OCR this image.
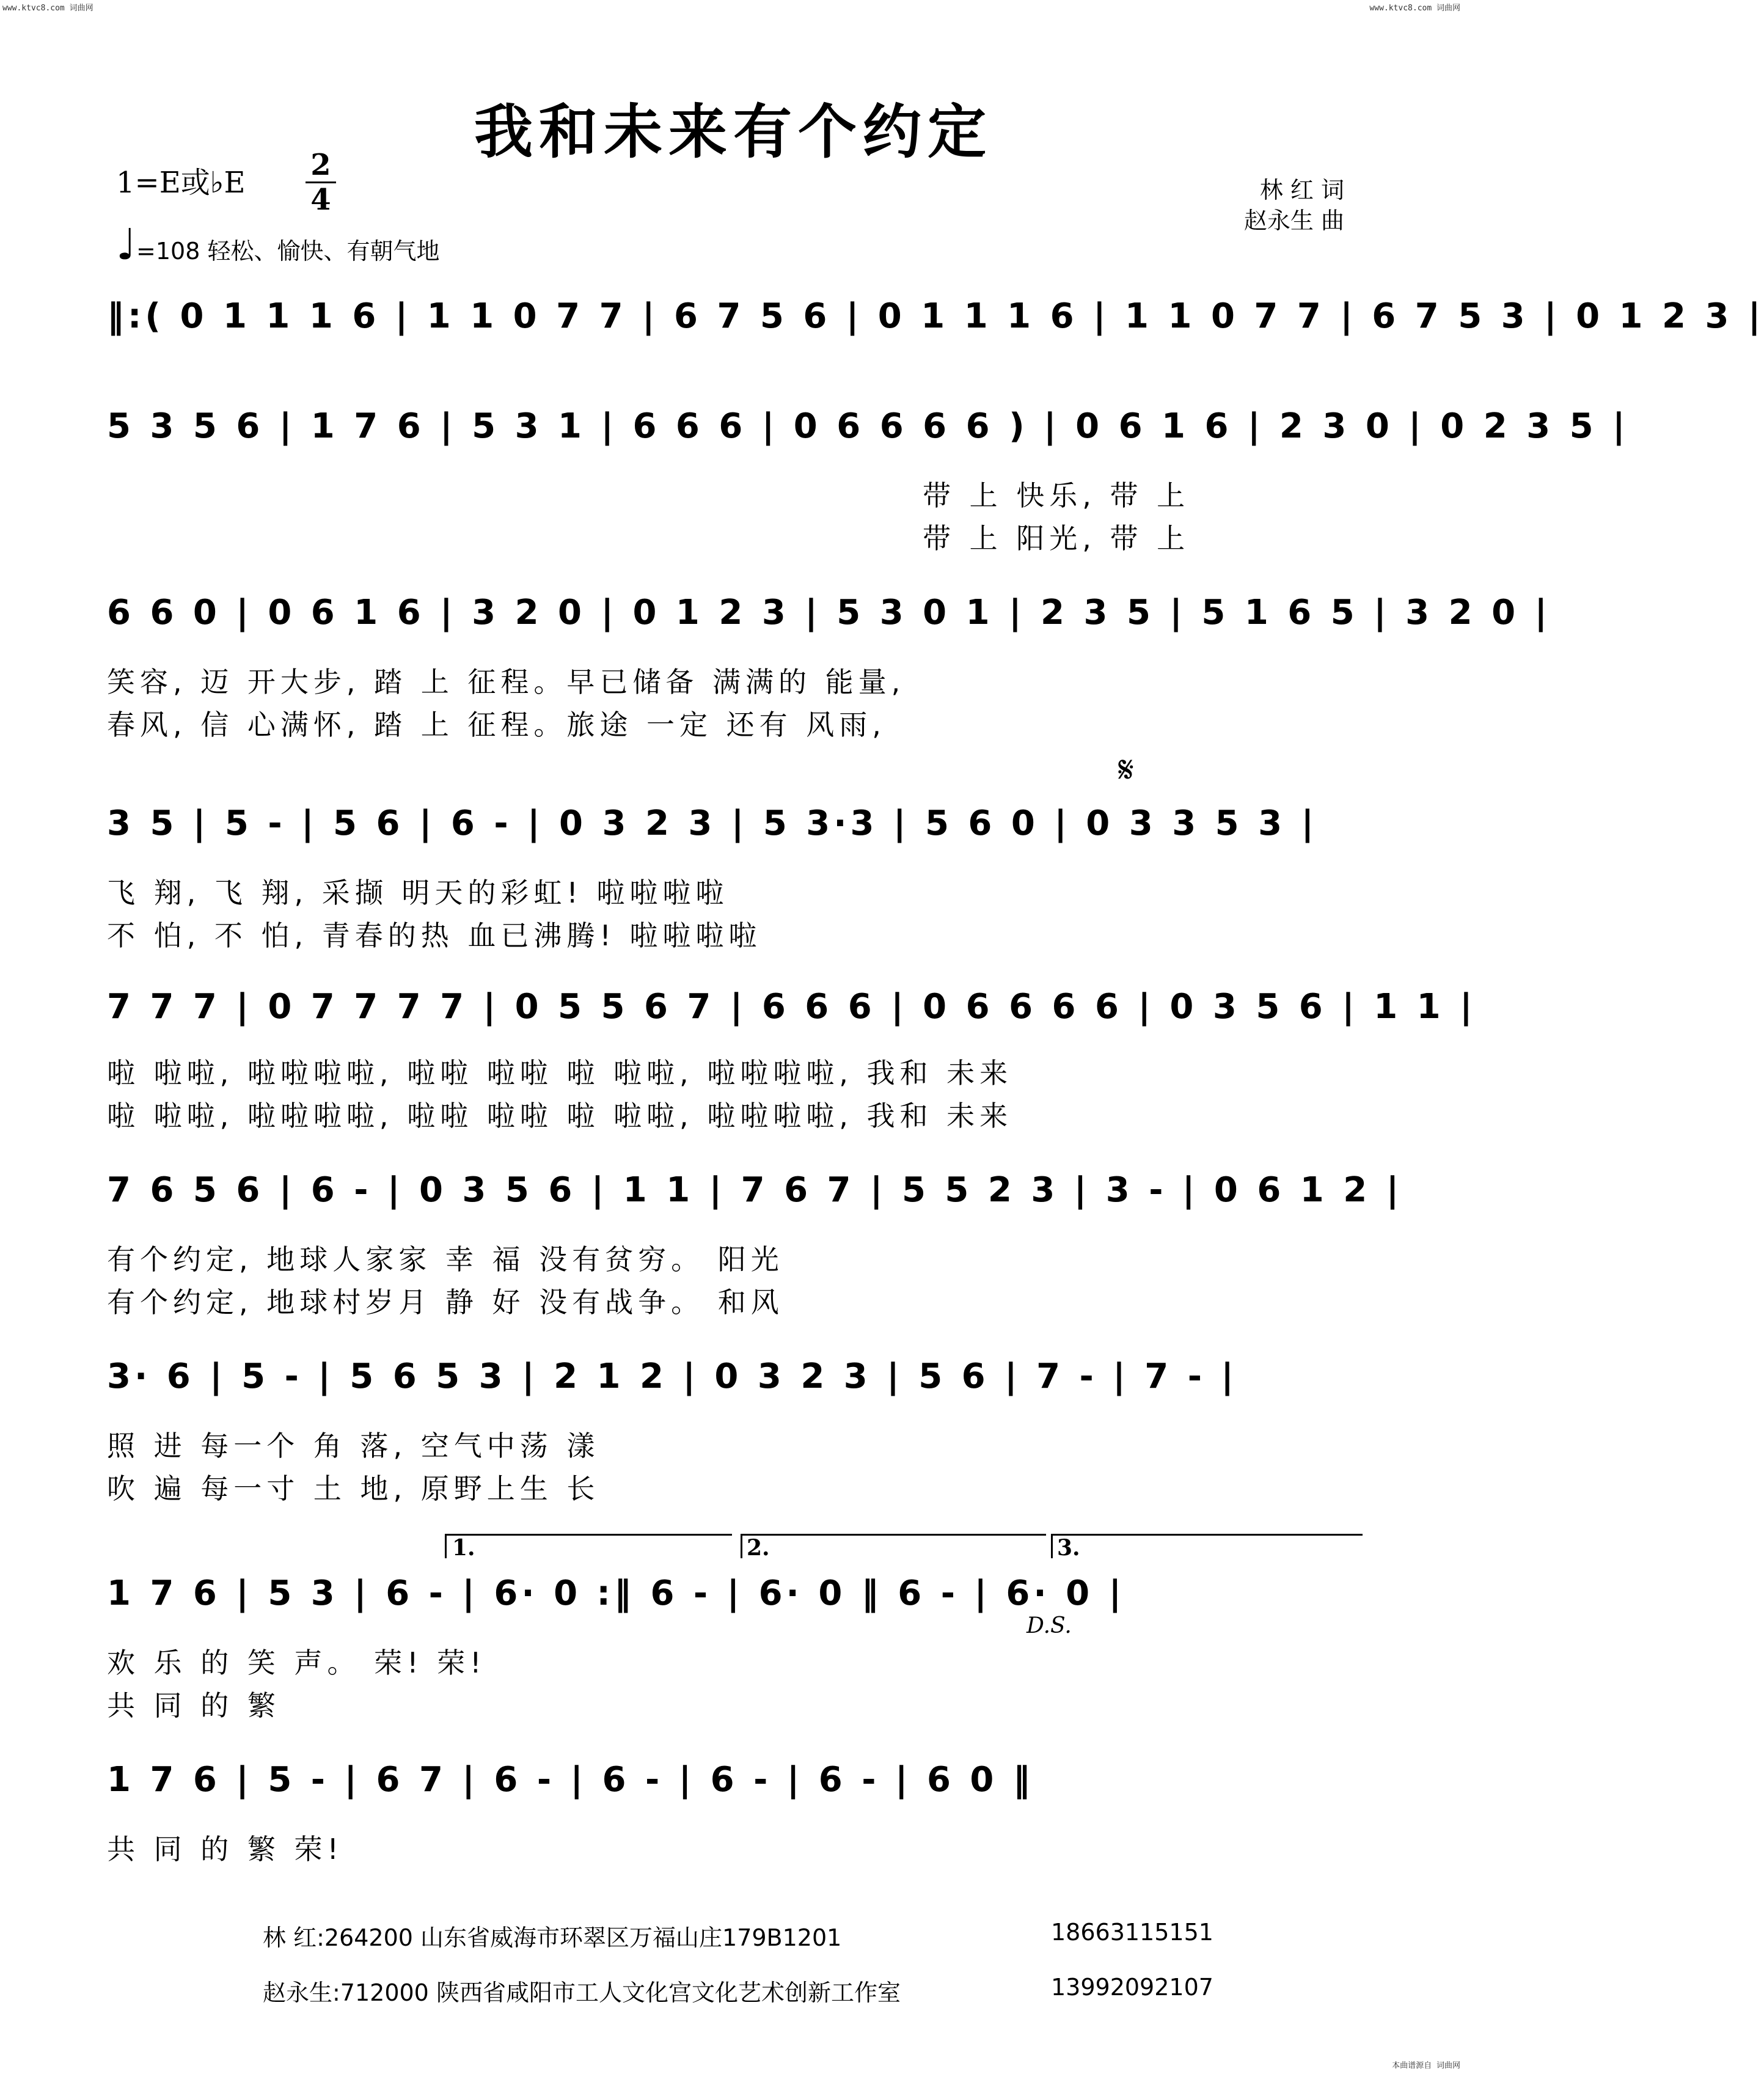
www.ktvc8.com 词曲网	www.ktvc8.com 词曲网
本曲谱源自 词曲网
我和未来有个约定
1=E或♭E
2
4
♩=108 轻松、愉快、有朝气地
林 红 词
赵永生 曲
‖:( 0 1 1 1 6 | 1 1 0 7 7 | 6 7 5 6 | 0 1 1 1 6 | 1 1 0 7 7 | 6 7 5 3 | 0 1 2 3 |
5 3 5 6 | 1 7 6 | 5 3 1 | 6 6 6 | 0 6 6 6 6 ) | 0 6 1 6 | 2 3 0 | 0 2 3 5 |
带 上 快乐, 带 上
带 上 阳光, 带 上
6 6 0 | 0 6 1 6 | 3 2 0 | 0 1 2 3 | 5 3 0 1 | 2 3 5 | 5 1 6 5 | 3 2 0 |
笑容, 迈 开大步, 踏 上 征程。早已储备 满满的 能量,
春风, 信 心满怀, 踏 上 征程。旅途 一定 还有 风雨,
𝄋
3 5 | 5 - | 5 6 | 6 - | 0 3 2 3 | 5 3·3 | 5 6 0 | 0 3 3 5 3 |
飞 翔, 飞 翔, 采撷 明天的彩虹! 啦啦啦啦
不 怕, 不 怕, 青春的热 血已沸腾! 啦啦啦啦
7 7 7 | 0 7 7 7 7 | 0 5 5 6 7 | 6 6 6 | 0 6 6 6 6 | 0 3 5 6 | 1 1 |
啦 啦啦, 啦啦啦啦, 啦啦 啦啦 啦 啦啦, 啦啦啦啦, 我和 未来
啦 啦啦, 啦啦啦啦, 啦啦 啦啦 啦 啦啦, 啦啦啦啦, 我和 未来
7 6 5 6 | 6 - | 0 3 5 6 | 1 1 | 7 6 7 | 5 5 2 3 | 3 - | 0 6 1 2 |
有个约定, 地球人家家 幸 福 没有贫穷。 阳光
有个约定, 地球村岁月 静 好 没有战争。 和风
3· 6 | 5 - | 5 6 5 3 | 2 1 2 | 0 3 2 3 | 5 6 | 7 - | 7 - |
照 进 每一个 角 落, 空气中荡 漾
吹 遍 每一寸 土 地, 原野上生 长
1.	2.	3.
1 7 6 | 5 3 | 6 - | 6· 0 :‖ 6 - | 6· 0 ‖ 6 - | 6· 0 |
D.S.
欢 乐 的 笑 声。 荣! 荣!
共 同 的 繁
1 7 6 | 5 - | 6 7 | 6 - | 6 - | 6 - | 6 - | 6 0 ‖
共 同 的 繁 荣!
林 红:264200 山东省威海市环翠区万福山庄179B1201	18663115151
赵永生:712000 陕西省咸阳市工人文化宫文化艺术创新工作室	13992092107
